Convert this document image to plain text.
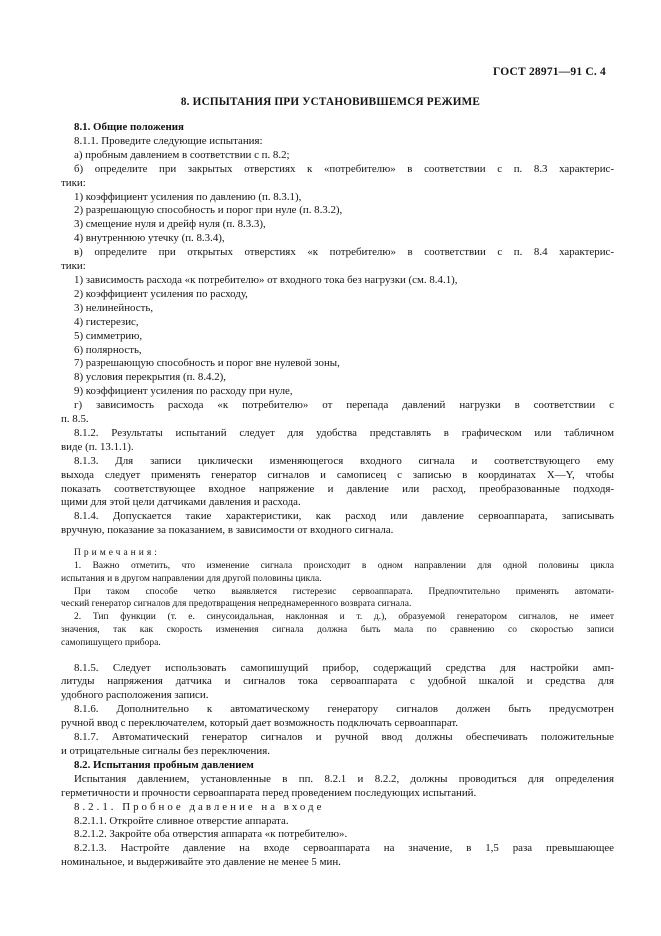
ГОСТ 28971—91 С. 4
8. ИСПЫТАНИЯ ПРИ УСТАНОВИВШЕМСЯ РЕЖИМЕ
8.1. Общие положения
8.1.1. Проведите следующие испытания:
а) пробным давлением в соответствии с п. 8.2;
б) определите при закрытых отверстиях к «потребителю» в соответствии с п. 8.3 характерис-
тики:
1) коэффициент усиления по давлению (п. 8.3.1),
2) разрешающую способность и порог при нуле (п. 8.3.2),
3) смещение нуля и дрейф нуля (п. 8.3.3),
4) внутреннюю утечку (п. 8.3.4),
в) определите при открытых отверстиях «к потребителю» в соответствии с п. 8.4 характерис-
тики:
1) зависимость расхода «к потребителю» от входного тока без нагрузки (см. 8.4.1),
2) коэффициент усиления по расходу,
3) нелинейность,
4) гистерезис,
5) симметрию,
6) полярность,
7) разрешающую способность и порог вне нулевой зоны,
8) условия перекрытия (п. 8.4.2),
9) коэффициент усиления по расходу при нуле,
г) зависимость расхода «к потребителю» от перепада давлений нагрузки в соответствии с
п. 8.5.
8.1.2. Результаты испытаний следует для удобства представлять в графическом или табличном
виде (п. 13.1.1).
8.1.3. Для записи циклически изменяющегося входного сигнала и соответствующего ему
выхода следует применять генератор сигналов и самописец с записью в координатах X—Y, чтобы
показать соответствующее входное напряжение и давление или расход, преобразованные подходя-
щими для этой цели датчиками давления и расхода.
8.1.4. Допускается такие характеристики, как расход или давление сервоаппарата, записывать
вручную, показание за показанием, в зависимости от входного сигнала.
Примечания:
1. Важно отметить, что изменение сигнала происходит в одном направлении для одной половины цикла
испытания и в другом направлении для другой половины цикла.
При таком способе четко выявляется гистерезис сервоаппарата. Предпочтительно применять автомати-
ческий генератор сигналов для предотвращения непреднамеренного возврата сигнала.
2. Тип функции (т. е. синусоидальная, наклонная и т. д.), образуемой генератором сигналов, не имеет
значения, так как скорость изменения сигнала должна быть мала по сравнению со скоростью записи
самопишущего прибора.
8.1.5. Следует использовать самопишущий прибор, содержащий средства для настройки амп-
литуды напряжения датчика и сигналов тока сервоаппарата с удобной шкалой и средства для
удобного расположения записи.
8.1.6. Дополнительно к автоматическому генератору сигналов должен быть предусмотрен
ручной ввод с переключателем, который дает возможность подключать сервоаппарат.
8.1.7. Автоматический генератор сигналов и ручной ввод должны обеспечивать положительные
и отрицательные сигналы без переключения.
8.2. Испытания пробным давлением
Испытания давлением, установленные в пп. 8.2.1 и 8.2.2, должны проводиться для определения
герметичности и прочности сервоаппарата перед проведением последующих испытаний.
8.2.1. Пробное давление на входе
8.2.1.1. Откройте сливное отверстие аппарата.
8.2.1.2. Закройте оба отверстия аппарата «к потребителю».
8.2.1.3. Настройте давление на входе сервоаппарата на значение, в 1,5 раза превышающее
номинальное, и выдерживайте это давление не менее 5 мин.
